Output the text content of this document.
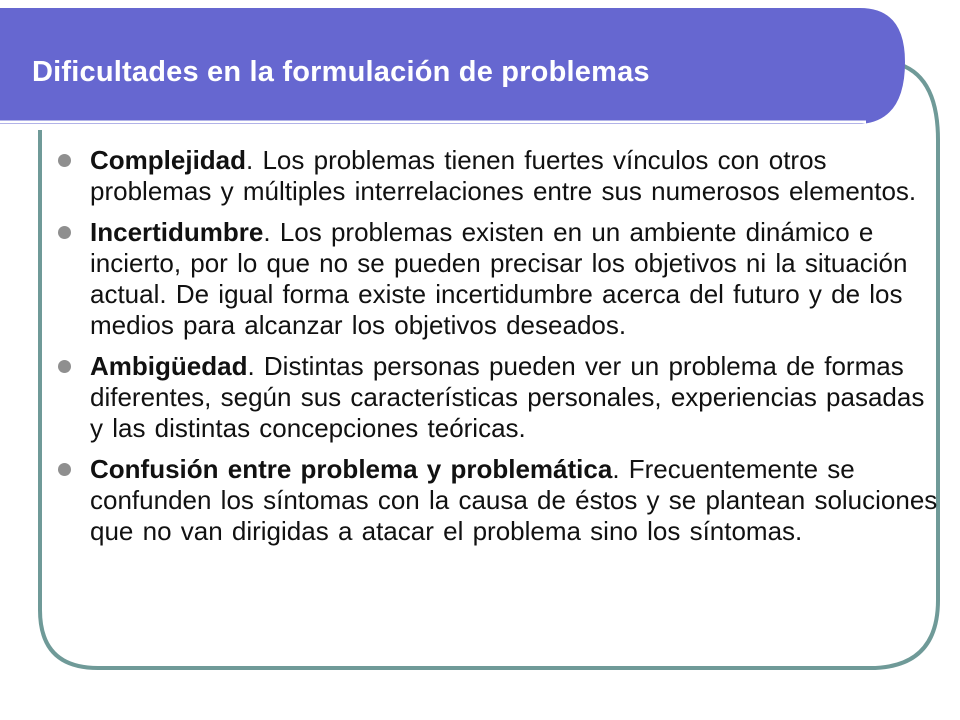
Dificultades en la formulación de problemas
Complejidad. Los problemas tienen fuertes vínculos con otros problemas y múltiples interrelaciones entre sus numerosos elementos.
Incertidumbre. Los problemas existen en un ambiente dinámico e incierto, por lo que no se pueden precisar los objetivos ni la situación actual. De igual forma existe incertidumbre acerca del futuro y de los medios para alcanzar los objetivos deseados.
Ambigüedad. Distintas personas pueden ver un problema de formas diferentes, según sus características personales, experiencias pasadas y las distintas concepciones teóricas.
Confusión entre problema y problemática. Frecuentemente se confunden los síntomas con la causa de éstos y se plantean soluciones que no van dirigidas a atacar el problema sino los síntomas.
